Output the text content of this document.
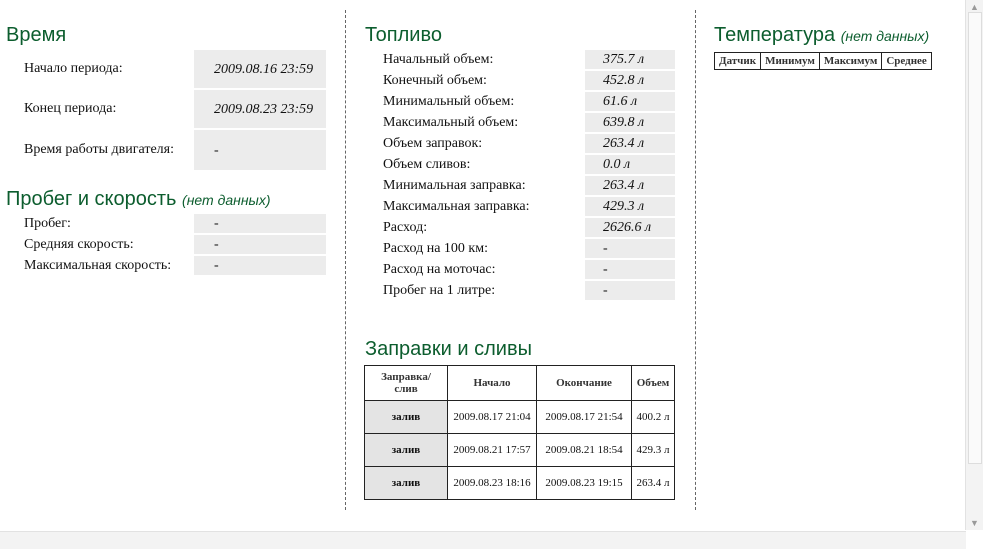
Время
Начало периода:	2009.08.16 23:59
Конец периода:	2009.08.23 23:59
Время работы двигателя:	-
Пробег и скорость (нет данных)
Пробег:	-
Средняя скорость:	-
Максимальная скорость:	-
Топливо
Начальный объем:	375.7 л
Конечный объем:	452.8 л
Минимальный объем:	61.6 л
Максимальный объем:	639.8 л
Объем заправок:	263.4 л
Объем сливов:	0.0 л
Минимальная заправка:	263.4 л
Максимальная заправка:	429.3 л
Расход:	2626.6 л
Расход на 100 км:	-
Расход на моточас:	-
Пробег на 1 литре:	-
Заправки и сливы
Заправка/ слив	Начало	Окончание	Объем
залив	2009.08.17 21:04	2009.08.17 21:54	400.2 л
залив	2009.08.21 17:57	2009.08.21 18:54	429.3 л
залив	2009.08.23 18:16	2009.08.23 19:15	263.4 л
Температура (нет данных)
Датчик	Минимум	Максимум	Среднее
▲
▼
